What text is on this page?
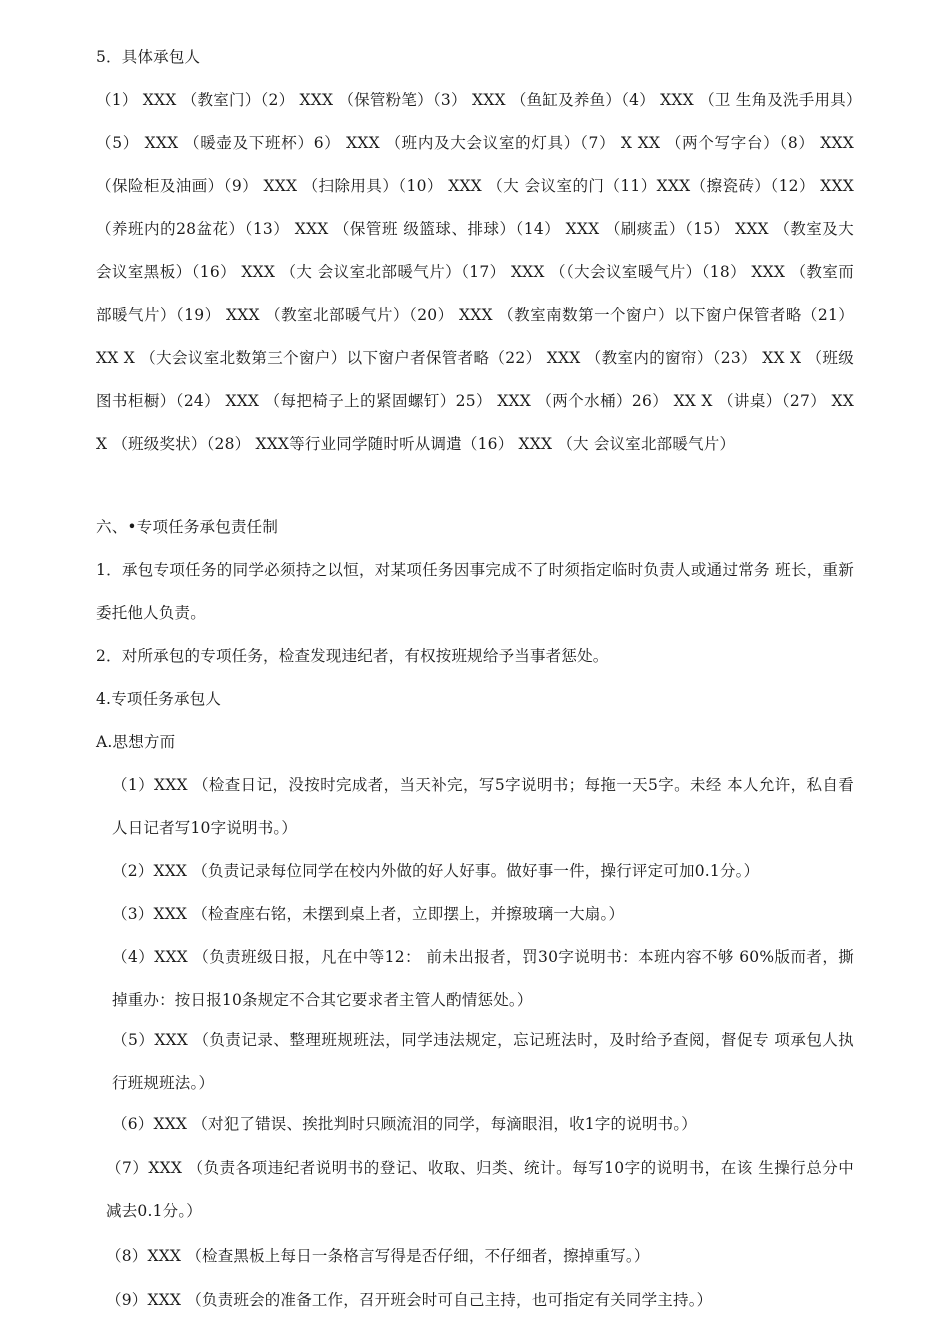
5．具体承包人

（1） XXX （教室门）（2） XXX （保管粉笔）（3） XXX （鱼缸及养鱼）（4） XXX （卫 生角及洗手用具）（5） XXX （暖壶及下班杯）6） XXX （班内及大会议室的灯具）（7） X XX （两个写字台）（8） XXX （保险柜及油画）（9） XXX （扫除用具）（10） XXX （大 会议室的门（11）XXX（擦瓷砖）（12） XXX （养班内的28盆花）（13） XXX （保管班 级篮球、排球）（14） XXX （刷痰盂）（15） XXX （教室及大会议室黑板）（16） XXX （大 会议室北部暖气片）（17） XXX （（大会议室暖气片）（18） XXX （教室而部暖气片）（19） XXX （教室北部暖气片）（20） XXX （教室南数第一个窗户）以下窗户保管者略（21） XX X （大会议室北数第三个窗户）以下窗户者保管者略（22） XXX （教室内的窗帘）（23） XX X （班级图书柜橱）（24） XXX （每把椅子上的紧固螺钉）25） XXX （两个水桶）26） XX X （讲桌）（27） XXX （班级奖状）（28） XXX等行业同学随时听从调遣（16） XXX （大 会议室北部暖气片）

六、•专项任务承包责任制

1．承包专项任务的同学必须持之以恒，对某项任务因事完成不了时须指定临时负责人或通过常务 班长，重新委托他人负责。

2．对所承包的专项任务，检查发现违纪者，有权按班规给予当事者惩处。

4.专项任务承包人

A.思想方而

（1）XXX （检查日记，没按时完成者，当天补完，写5字说明书；每拖一天5字。未经 本人允许，私自看人日记者写10字说明书。）

（2）XXX （负责记录每位同学在校内外做的好人好事。做好事一件，操行评定可加0.1分。）

（3）XXX （检查座右铭，未摆到桌上者，立即摆上，并擦玻璃一大扇。）

（4）XXX （负责班级日报，凡在中等12： 前未出报者，罚30字说明书：本班内容不够 60%版而者，撕掉重办：按日报10条规定不合其它要求者主管人酌情惩处。）

（5）XXX （负责记录、整理班规班法，同学违法规定，忘记班法时，及时给予查阅，督促专 项承包人执行班规班法。）

（6）XXX （对犯了错误、挨批判时只顾流泪的同学，每滴眼泪，收1字的说明书。）

（7）XXX （负责各项违纪者说明书的登记、收取、归类、统计。每写10字的说明书，在该 生操行总分中减去0.1分。）

（8）XXX （检查黑板上每日一条格言写得是否仔细，不仔细者，擦掉重写。）

（9）XXX （负责班会的准备工作，召开班会时可自己主持，也可指定有关同学主持。）
